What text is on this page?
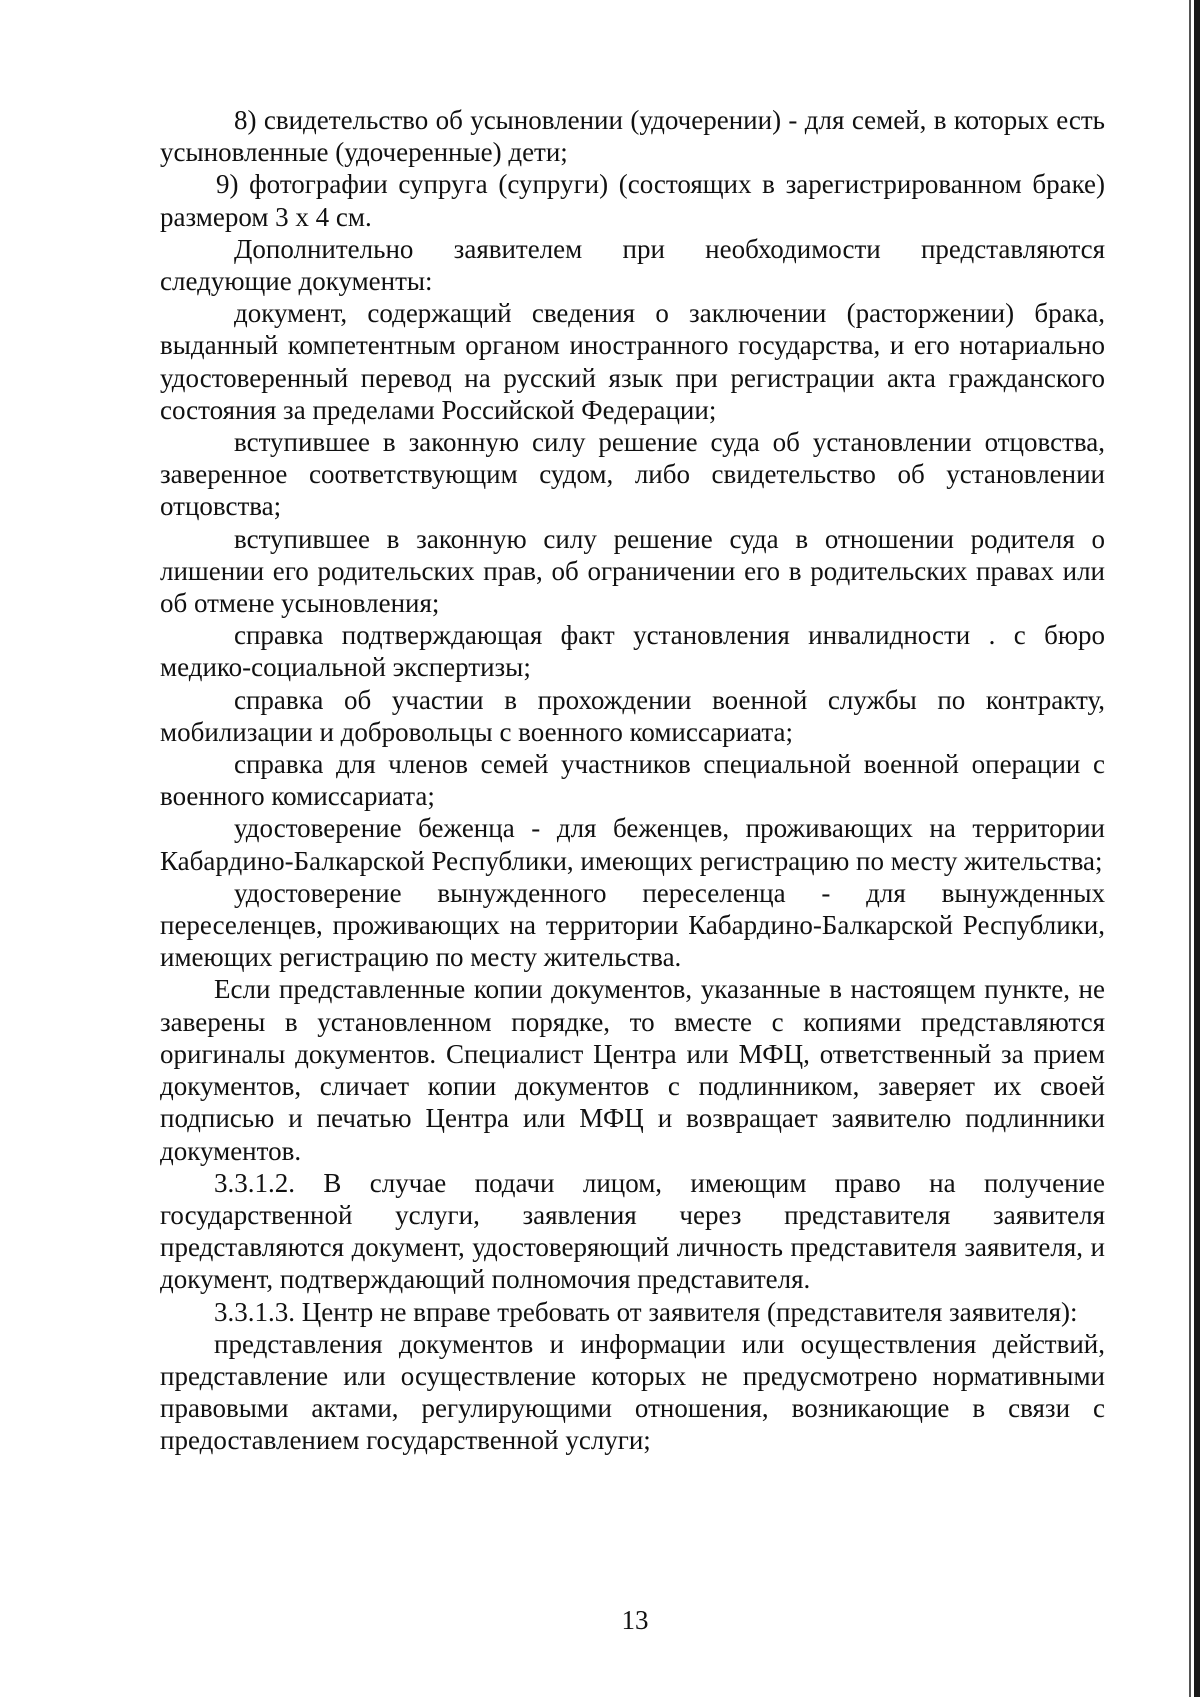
8) свидетельство об усыновлении (удочерении) - для семей, в которых есть усыновленные (удочеренные) дети;

9) фотографии супруга (супруги) (состоящих в зарегистрированном браке) размером 3 х 4 см.

Дополнительно заявителем при необходимости представляются следующие документы:

документ, содержащий сведения о заключении (расторжении) брака, выданный компетентным органом иностранного государства, и его нотариально удостоверенный перевод на русский язык при регистрации акта гражданского состояния за пределами Российской Федерации;

вступившее в законную силу решение суда об установлении отцовства, заверенное соответствующим судом, либо свидетельство об установлении отцовства;

вступившее в законную силу решение суда в отношении родителя о лишении его родительских прав, об ограничении его в родительских правах или об отмене усыновления;

справка подтверждающая факт установления инвалидности . с бюро медико-социальной экспертизы;

справка об участии в прохождении военной службы по контракту, мобилизации и добровольцы с военного комиссариата;

справка для членов семей участников специальной военной операции с военного комиссариата;

удостоверение беженца - для беженцев, проживающих на территории Кабардино-Балкарской Республики, имеющих регистрацию по месту жительства;

удостоверение вынужденного переселенца - для вынужденных переселенцев, проживающих на территории Кабардино-Балкарской Республики, имеющих регистрацию по месту жительства.

Если представленные копии документов, указанные в настоящем пункте, не заверены в установленном порядке, то вместе с копиями представляются оригиналы документов. Специалист Центра или МФЦ, ответственный за прием документов, сличает копии документов с подлинником, заверяет их своей подписью и печатью Центра или МФЦ и возвращает заявителю подлинники документов.

3.3.1.2. В случае подачи лицом, имеющим право на получение государственной услуги, заявления через представителя заявителя представляются документ, удостоверяющий личность представителя заявителя, и документ, подтверждающий полномочия представителя.

3.3.1.3. Центр не вправе требовать от заявителя (представителя заявителя):

представления документов и информации или осуществления действий, представление или осуществление которых не предусмотрено нормативными правовыми актами, регулирующими отношения, возникающие в связи с предоставлением государственной услуги;

13
